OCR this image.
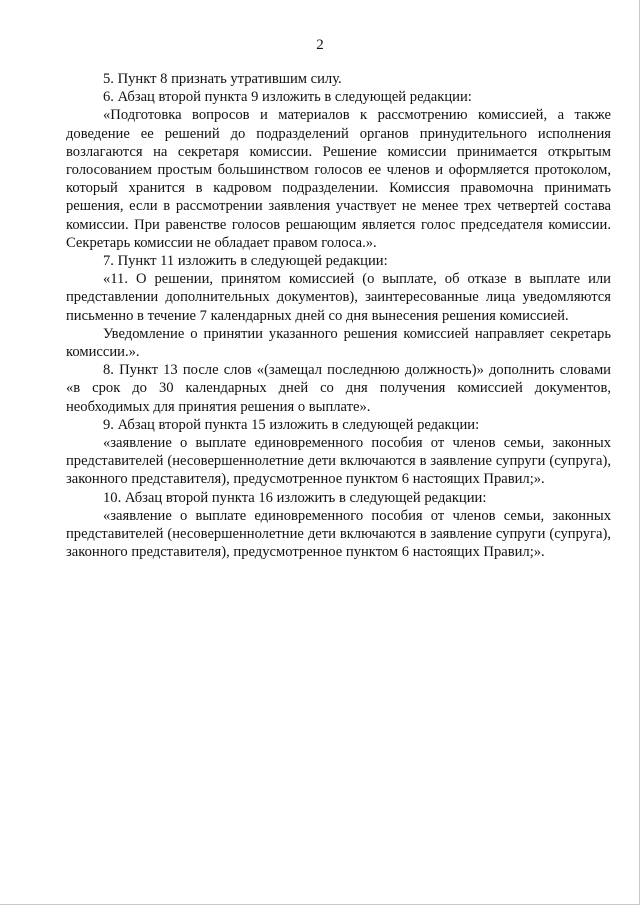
2

5. Пункт 8 признать утратившим силу.

6. Абзац второй пункта 9 изложить в следующей редакции:

«Подготовка вопросов и материалов к рассмотрению комиссией, а также доведение ее решений до подразделений органов принудительного исполнения возлагаются на секретаря комиссии. Решение комиссии принимается открытым голосованием простым большинством голосов ее членов и оформляется протоколом, который хранится в кадровом подразделении. Комиссия правомочна принимать решения, если в рассмотрении заявления участвует не менее трех четвертей состава комиссии. При равенстве голосов решающим является голос председателя комиссии. Секретарь комиссии не обладает правом голоса.».

7. Пункт 11 изложить в следующей редакции:

«11. О решении, принятом комиссией (о выплате, об отказе в выплате или представлении дополнительных документов), заинтересованные лица уведомляются письменно в течение 7 календарных дней со дня вынесения решения комиссией.

Уведомление о принятии указанного решения комиссией направляет секретарь комиссии.».

8. Пункт 13 после слов «(замещал последнюю должность)» дополнить словами «в срок до 30 календарных дней со дня получения комиссией документов, необходимых для принятия решения о выплате».

9. Абзац второй пункта 15 изложить в следующей редакции:

«заявление о выплате единовременного пособия от членов семьи, законных представителей (несовершеннолетние дети включаются в заявление супруги (супруга), законного представителя), предусмотренное пунктом 6 настоящих Правил;».

10. Абзац второй пункта 16 изложить в следующей редакции:

«заявление о выплате единовременного пособия от членов семьи, законных представителей (несовершеннолетние дети включаются в заявление супруги (супруга), законного представителя), предусмотренное пунктом 6 настоящих Правил;».
